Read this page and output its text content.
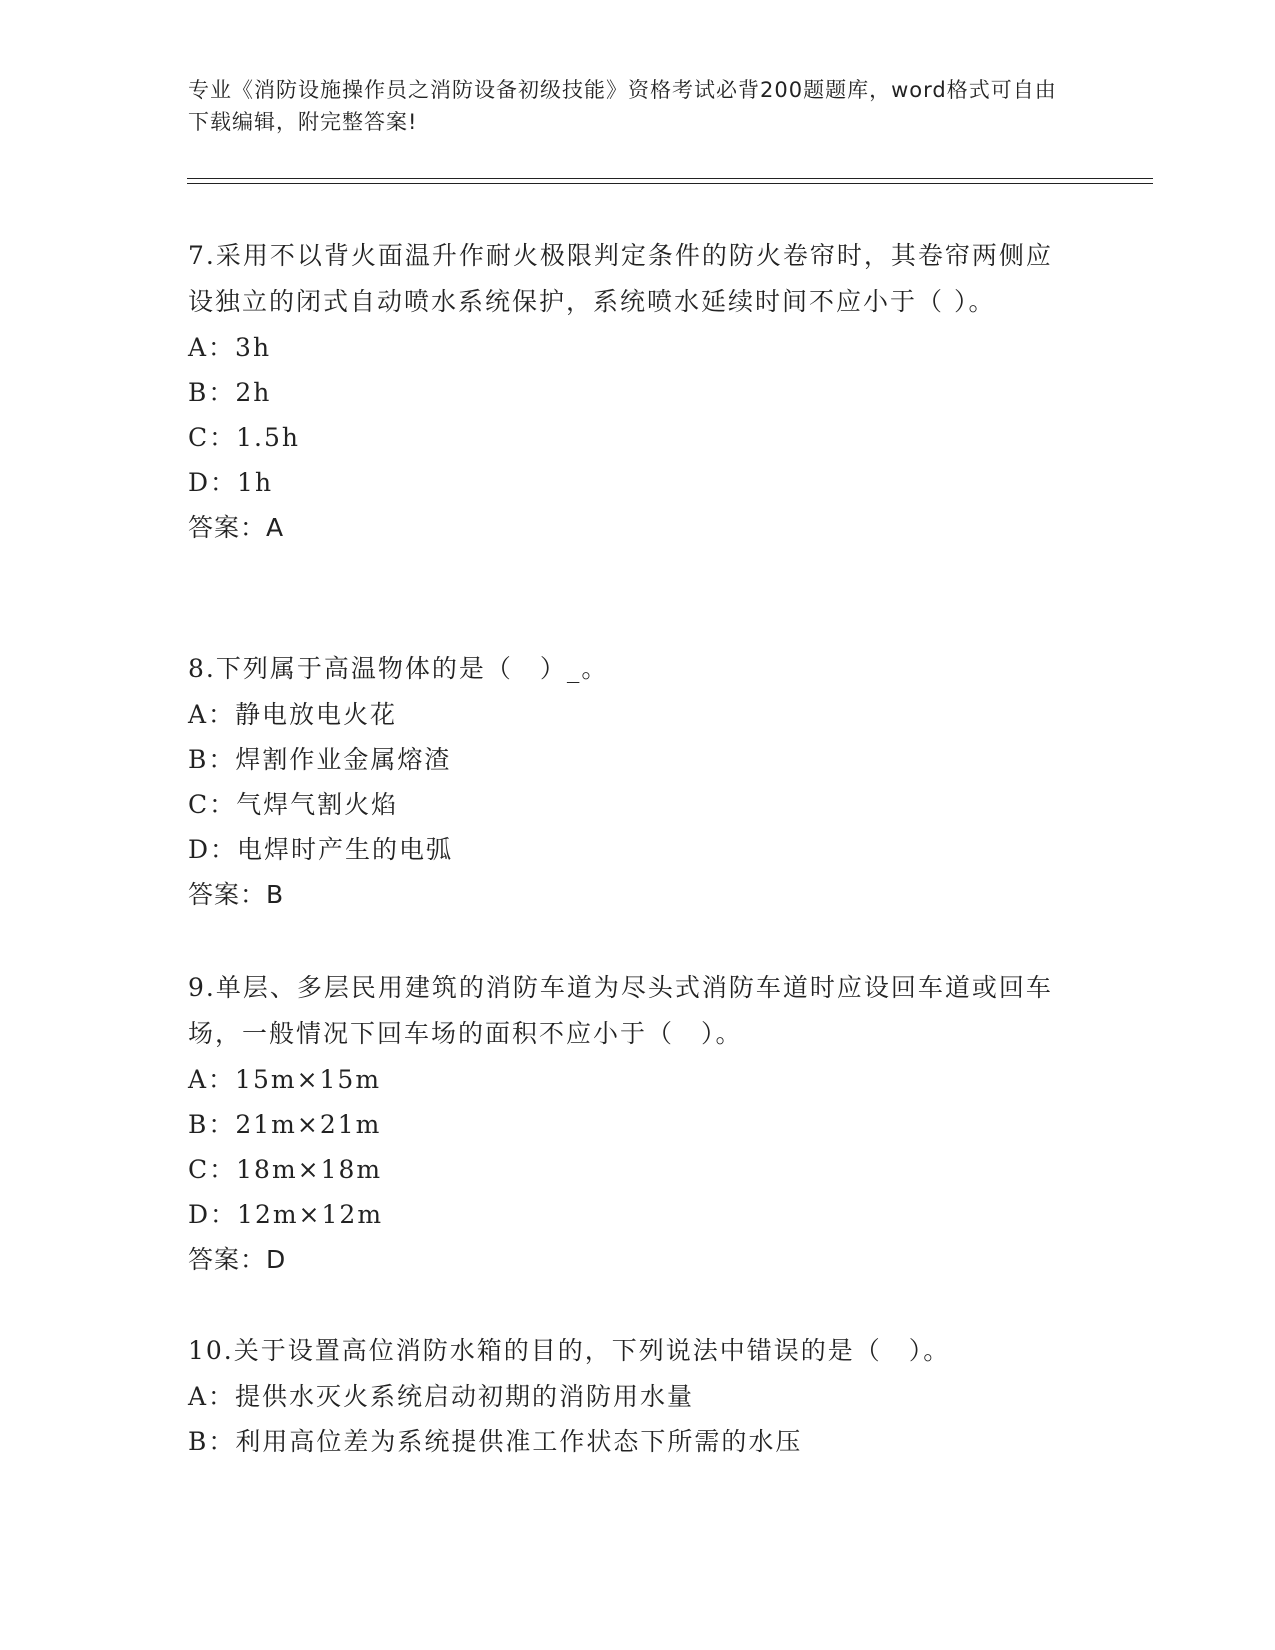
专业《消防设施操作员之消防设备初级技能》资格考试必背200题题库，word格式可自由下载编辑，附完整答案!
7.采用不以背火面温升作耐火极限判定条件的防火卷帘时，其卷帘两侧应设独立的闭式自动喷水系统保护，系统喷水延续时间不应小于（ ）。
A：3h
B：2h
C：1.5h
D：1h
答案：A
8.下列属于高温物体的是（　）_。
A：静电放电火花
B：焊割作业金属熔渣
C：气焊气割火焰
D：电焊时产生的电弧
答案：B
9.单层、多层民用建筑的消防车道为尽头式消防车道时应设回车道或回车场，一般情况下回车场的面积不应小于（　）。
A：15m×15m
B：21m×21m
C：18m×18m
D：12m×12m
答案：D
10.关于设置高位消防水箱的目的，下列说法中错误的是（　）。
A：提供水灭火系统启动初期的消防用水量
B：利用高位差为系统提供准工作状态下所需的水压
